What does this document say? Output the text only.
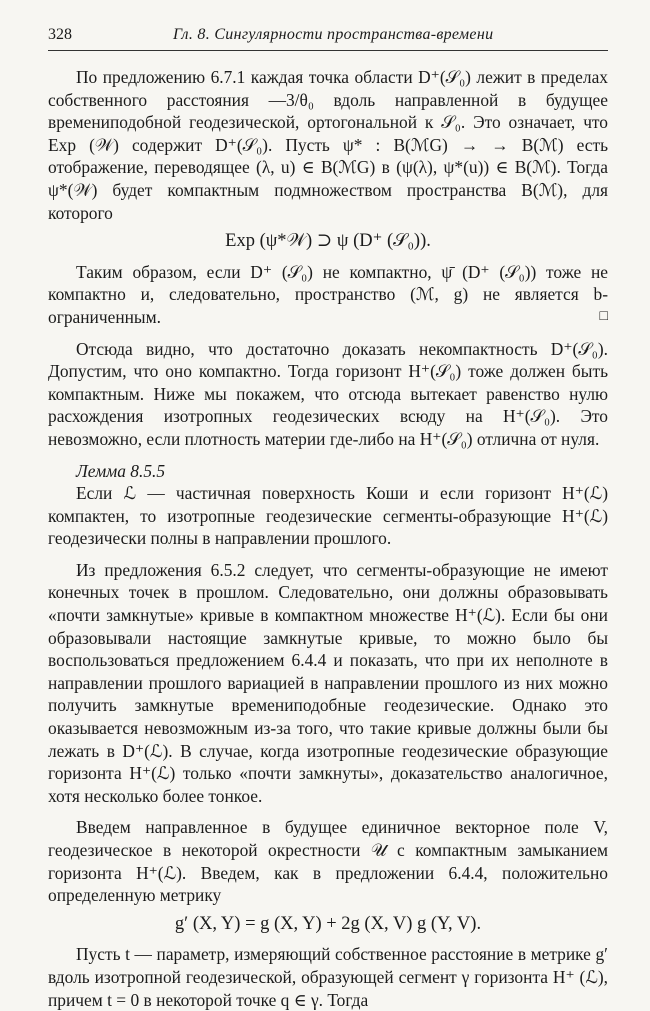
328	Гл. 8. Сингулярности пространства-времени

По предложению 6.7.1 каждая точка области D⁺(𝒮₀) лежит в пределах собственного расстояния —3/θ₀ вдоль направленной в будущее времениподобной геодезической, ортогональной к 𝒮₀. Это означает, что Exp (𝒲) содержит D⁺(𝒮₀). Пусть ψ* : B(ℳG) → → B(ℳ) есть отображение, переводящее (λ, u) ∈ B(ℳG) в (ψ(λ), ψ*(u)) ∈ B(ℳ). Тогда ψ*(𝒲) будет компактным подмножеством пространства B(ℳ), для которого

Exp (ψ*𝒲) ⊃ ψ (D⁺ (𝒮₀)).

Таким образом, если D⁺ (𝒮₀) не компактно, ψ̄ (D⁺ (𝒮₀)) тоже не компактно и, следовательно, пространство (ℳ, g) не является b-ограниченным.	□

Отсюда видно, что достаточно доказать некомпактность D⁺(𝒮₀). Допустим, что оно компактно. Тогда горизонт H⁺(𝒮₀) тоже должен быть компактным. Ниже мы покажем, что отсюда вытекает равенство нулю расхождения изотропных геодезических всюду на H⁺(𝒮₀). Это невозможно, если плотность материи где-либо на H⁺(𝒮₀) отлична от нуля.

Лемма 8.5.5

Если ℒ — частичная поверхность Коши и если горизонт H⁺(ℒ) компактен, то изотропные геодезические сегменты-образующие H⁺(ℒ) геодезически полны в направлении прошлого.

Из предложения 6.5.2 следует, что сегменты-образующие не имеют конечных точек в прошлом. Следовательно, они должны образовывать «почти замкнутые» кривые в компактном множестве H⁺(ℒ). Если бы они образовывали настоящие замкнутые кривые, то можно было бы воспользоваться предложением 6.4.4 и показать, что при их неполноте в направлении прошлого вариацией в направлении прошлого из них можно получить замкнутые времениподобные геодезические. Однако это оказывается невозможным из-за того, что такие кривые должны были бы лежать в D⁺(ℒ). В случае, когда изотропные геодезические образующие горизонта H⁺(ℒ) только «почти замкнуты», доказательство аналогичное, хотя несколько более тонкое.

Введем направленное в будущее единичное векторное поле V, геодезическое в некоторой окрестности 𝒰 с компактным замыканием горизонта H⁺(ℒ). Введем, как в предложении 6.4.4, положительно определенную метрику

g′ (X, Y) = g (X, Y) + 2g (X, V) g (Y, V).

Пусть t — параметр, измеряющий собственное расстояние в метрике g′ вдоль изотропной геодезической, образующей сегмент γ горизонта H⁺ (ℒ), причем t = 0 в некоторой точке q ∈ γ. Тогда
